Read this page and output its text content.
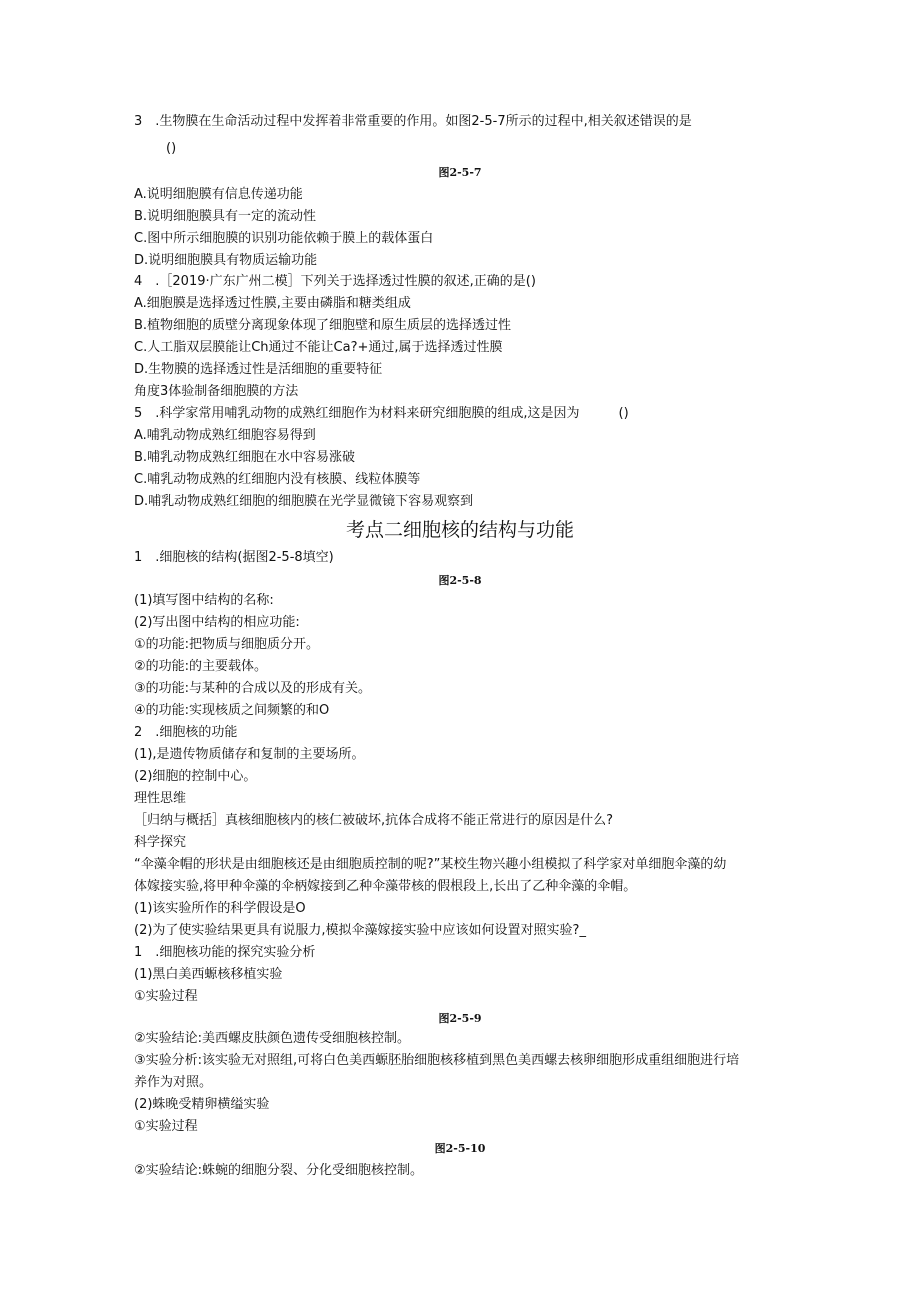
3　.生物膜在生命活动过程中发挥着非常重要的作用。如图2-5-7所示的过程中,相关叙述错误的是
()
图2-5-7
A.说明细胞膜有信息传递功能
B.说明细胞膜具有一定的流动性
C.图中所示细胞膜的识别功能依赖于膜上的载体蛋白
D.说明细胞膜具有物质运输功能
4　.［2019·广东广州二模］下列关于选择透过性膜的叙述,正确的是()
A.细胞膜是选择透过性膜,主要由磷脂和糖类组成
B.植物细胞的质壁分离现象体现了细胞壁和原生质层的选择透过性
C.人工脂双层膜能让Ch通过不能让Ca?+通过,属于选择透过性膜
D.生物膜的选择透过性是活细胞的重要特征
角度3体验制备细胞膜的方法
5　.科学家常用哺乳动物的成熟红细胞作为材料来研究细胞膜的组成,这是因为　　　()
A.哺乳动物成熟红细胞容易得到
B.哺乳动物成熟红细胞在水中容易涨破
C.哺乳动物成熟的红细胞内没有核膜、线粒体膜等
D.哺乳动物成熟红细胞的细胞膜在光学显微镜下容易观察到
考点二细胞核的结构与功能
1　.细胞核的结构(据图2-5-8填空)
图2-5-8
(1)填写图中结构的名称:
(2)写出图中结构的相应功能:
①的功能:把物质与细胞质分开。
②的功能:的主要载体。
③的功能:与某种的合成以及的形成有关。
④的功能:实现核质之间频繁的和O
2　.细胞核的功能
(1),是遗传物质储存和复制的主要场所。
(2)细胞的控制中心。
理性思维
［归纳与概括］真核细胞核内的核仁被破坏,抗体合成将不能正常进行的原因是什么?
科学探究
“伞藻伞帽的形状是由细胞核还是由细胞质控制的呢?”某校生物兴趣小组模拟了科学家对单细胞伞藻的幼
体嫁接实验,将甲种伞藻的伞柄嫁接到乙种伞藻带核的假根段上,长出了乙种伞藻的伞帽。
(1)该实验所作的科学假设是O
(2)为了使实验结果更具有说服力,模拟伞藻嫁接实验中应该如何设置对照实验?_
1　.细胞核功能的探究实验分析
(1)黑白美西螈核移植实验
①实验过程
图2-5-9
②实验结论:美西螺皮肤颜色遗传受细胞核控制。
③实验分析:该实验无对照组,可将白色美西螈胚胎细胞核移植到黑色美西螺去核卵细胞形成重组细胞进行培
养作为对照。
(2)蛛晚受精卵横缢实验
①实验过程
图2-5-10
②实验结论:蛛蜿的细胞分裂、分化受细胞核控制。
